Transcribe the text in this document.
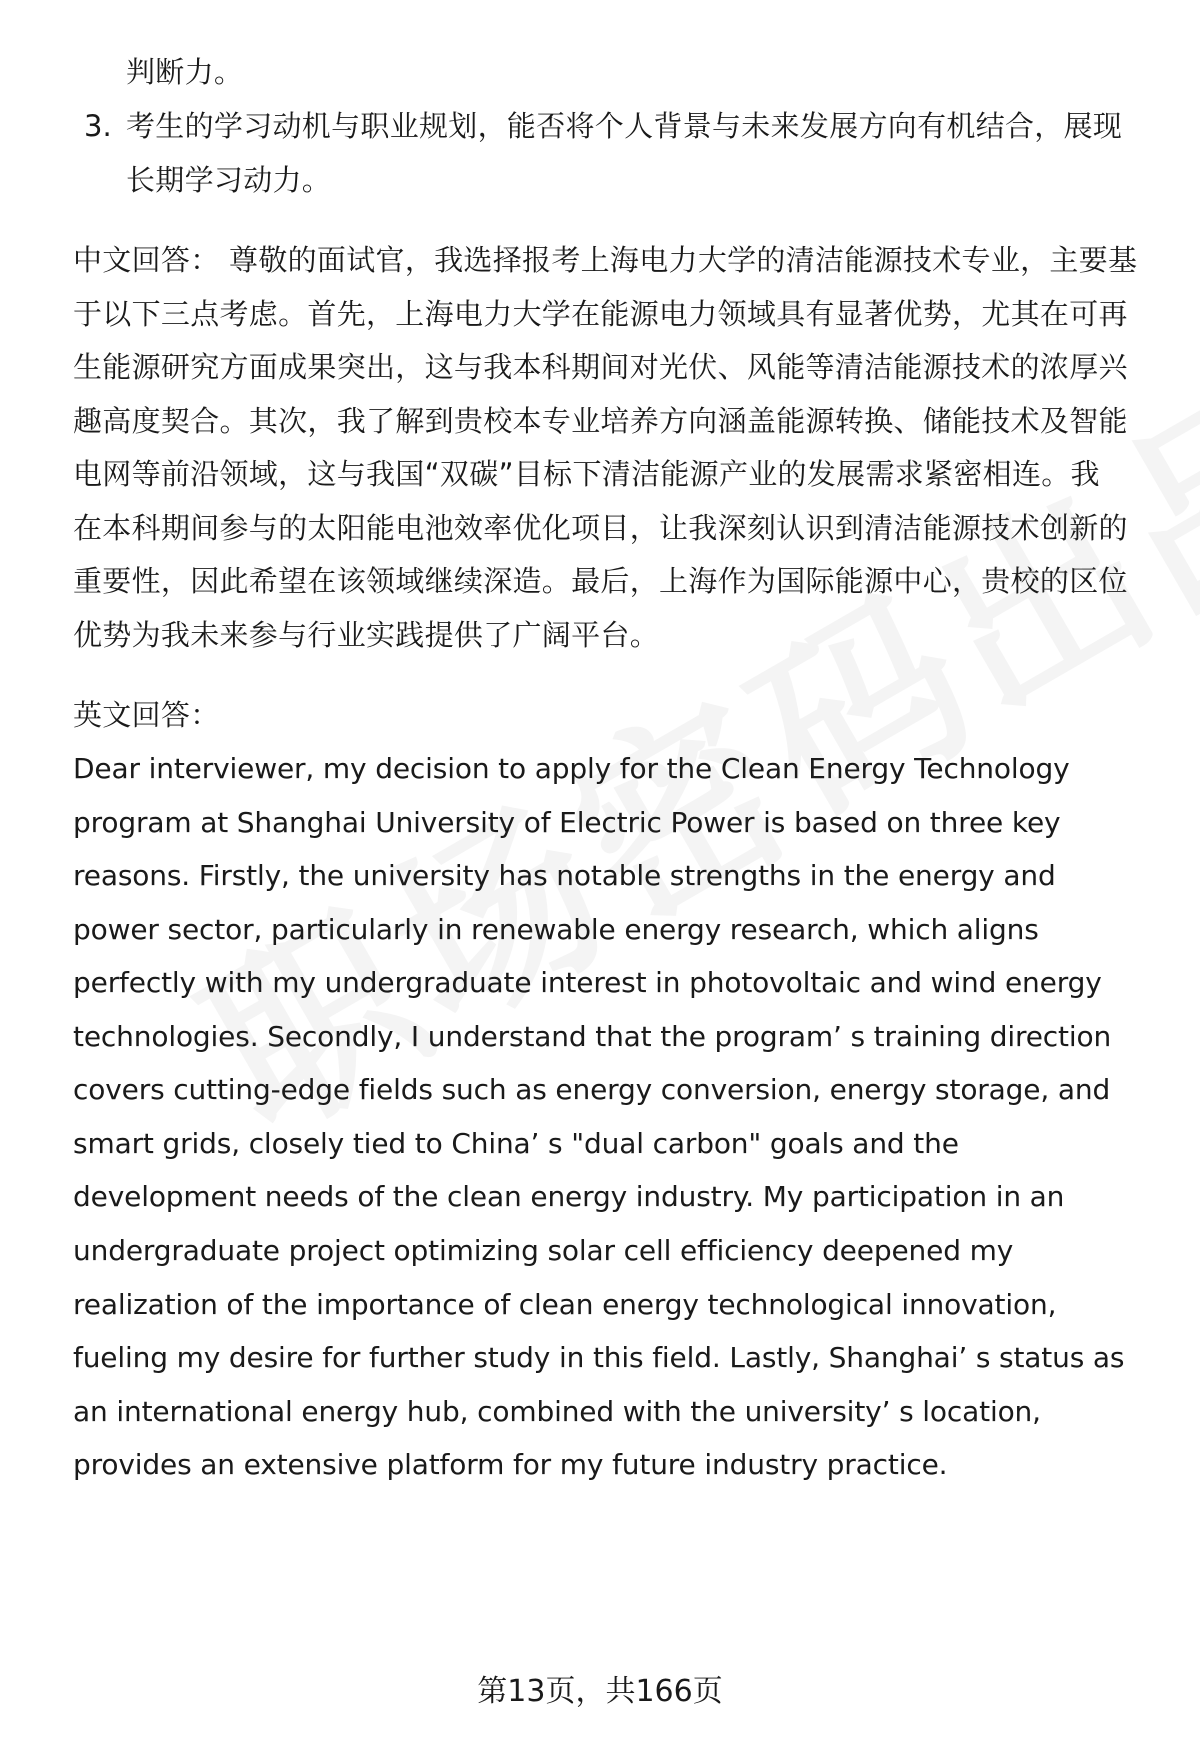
判断力。
3. 考生的学习动机与职业规划，能否将个人背景与未来发展方向有机结合，展现
长期学习动力。
中文回答： 尊敬的面试官，我选择报考上海电力大学的清洁能源技术专业，主要基
于以下三点考虑。首先，上海电力大学在能源电力领域具有显著优势，尤其在可再
生能源研究方面成果突出，这与我本科期间对光伏、风能等清洁能源技术的浓厚兴
趣高度契合。其次，我了解到贵校本专业培养方向涵盖能源转换、储能技术及智能
电网等前沿领域，这与我国“双碳”目标下清洁能源产业的发展需求紧密相连。我
在本科期间参与的太阳能电池效率优化项目，让我深刻认识到清洁能源技术创新的
重要性，因此希望在该领域继续深造。最后，上海作为国际能源中心，贵校的区位
优势为我未来参与行业实践提供了广阔平台。
英文回答：
Dear interviewer, my decision to apply for the Clean Energy Technology
program at Shanghai University of Electric Power is based on three key
reasons. Firstly, the university has notable strengths in the energy and
power sector, particularly in renewable energy research, which aligns
perfectly with my undergraduate interest in photovoltaic and wind energy
technologies. Secondly, I understand that the program’ s training direction
covers cutting-edge fields such as energy conversion, energy storage, and
smart grids, closely tied to China’ s "dual carbon" goals and the
development needs of the clean energy industry. My participation in an
undergraduate project optimizing solar cell efficiency deepened my
realization of the importance of clean energy technological innovation,
fueling my desire for further study in this field. Lastly, Shanghai’ s status as
an international energy hub, combined with the university’ s location,
provides an extensive platform for my future industry practice.
第13页，共166页
